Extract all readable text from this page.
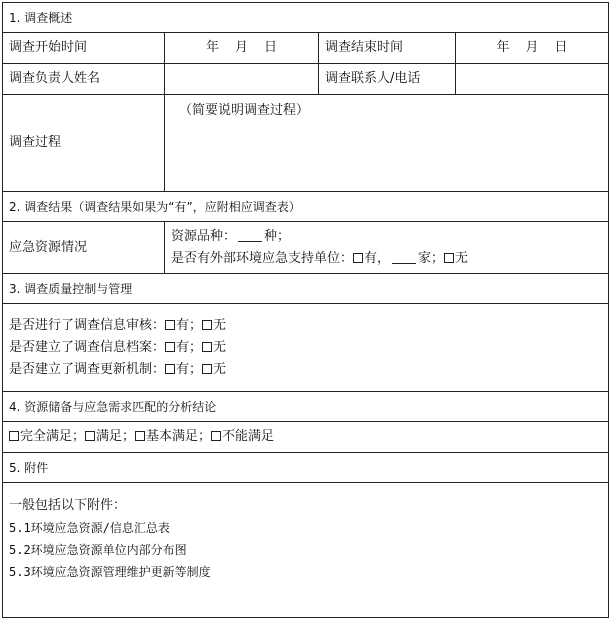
1. 调查概述			
调查开始时间	年 月 日	调查结束时间	年 月 日
调查负责人姓名		调查联系人/电话	
调查过程	（简要说明调查过程）		

2. 调查结果（调查结果如果为“有”，应附相应调查表）			
应急资源情况	资源品种： 种；
是否有外部环境应急支持单位： 有， 家； 无		

3. 调查质量控制与管理			

是否进行了调查信息审核： 有； 无
是否建立了调查信息档案： 有； 无
是否建立了调查更新机制： 有； 无			

4. 资源储备与应急需求匹配的分析结论			
完全满足； 满足； 基本满足； 不能满足			
5. 附件			

一般包括以下附件：
5.1环境应急资源/信息汇总表
5.2环境应急资源单位内部分布图
5.3环境应急资源管理维护更新等制度			
